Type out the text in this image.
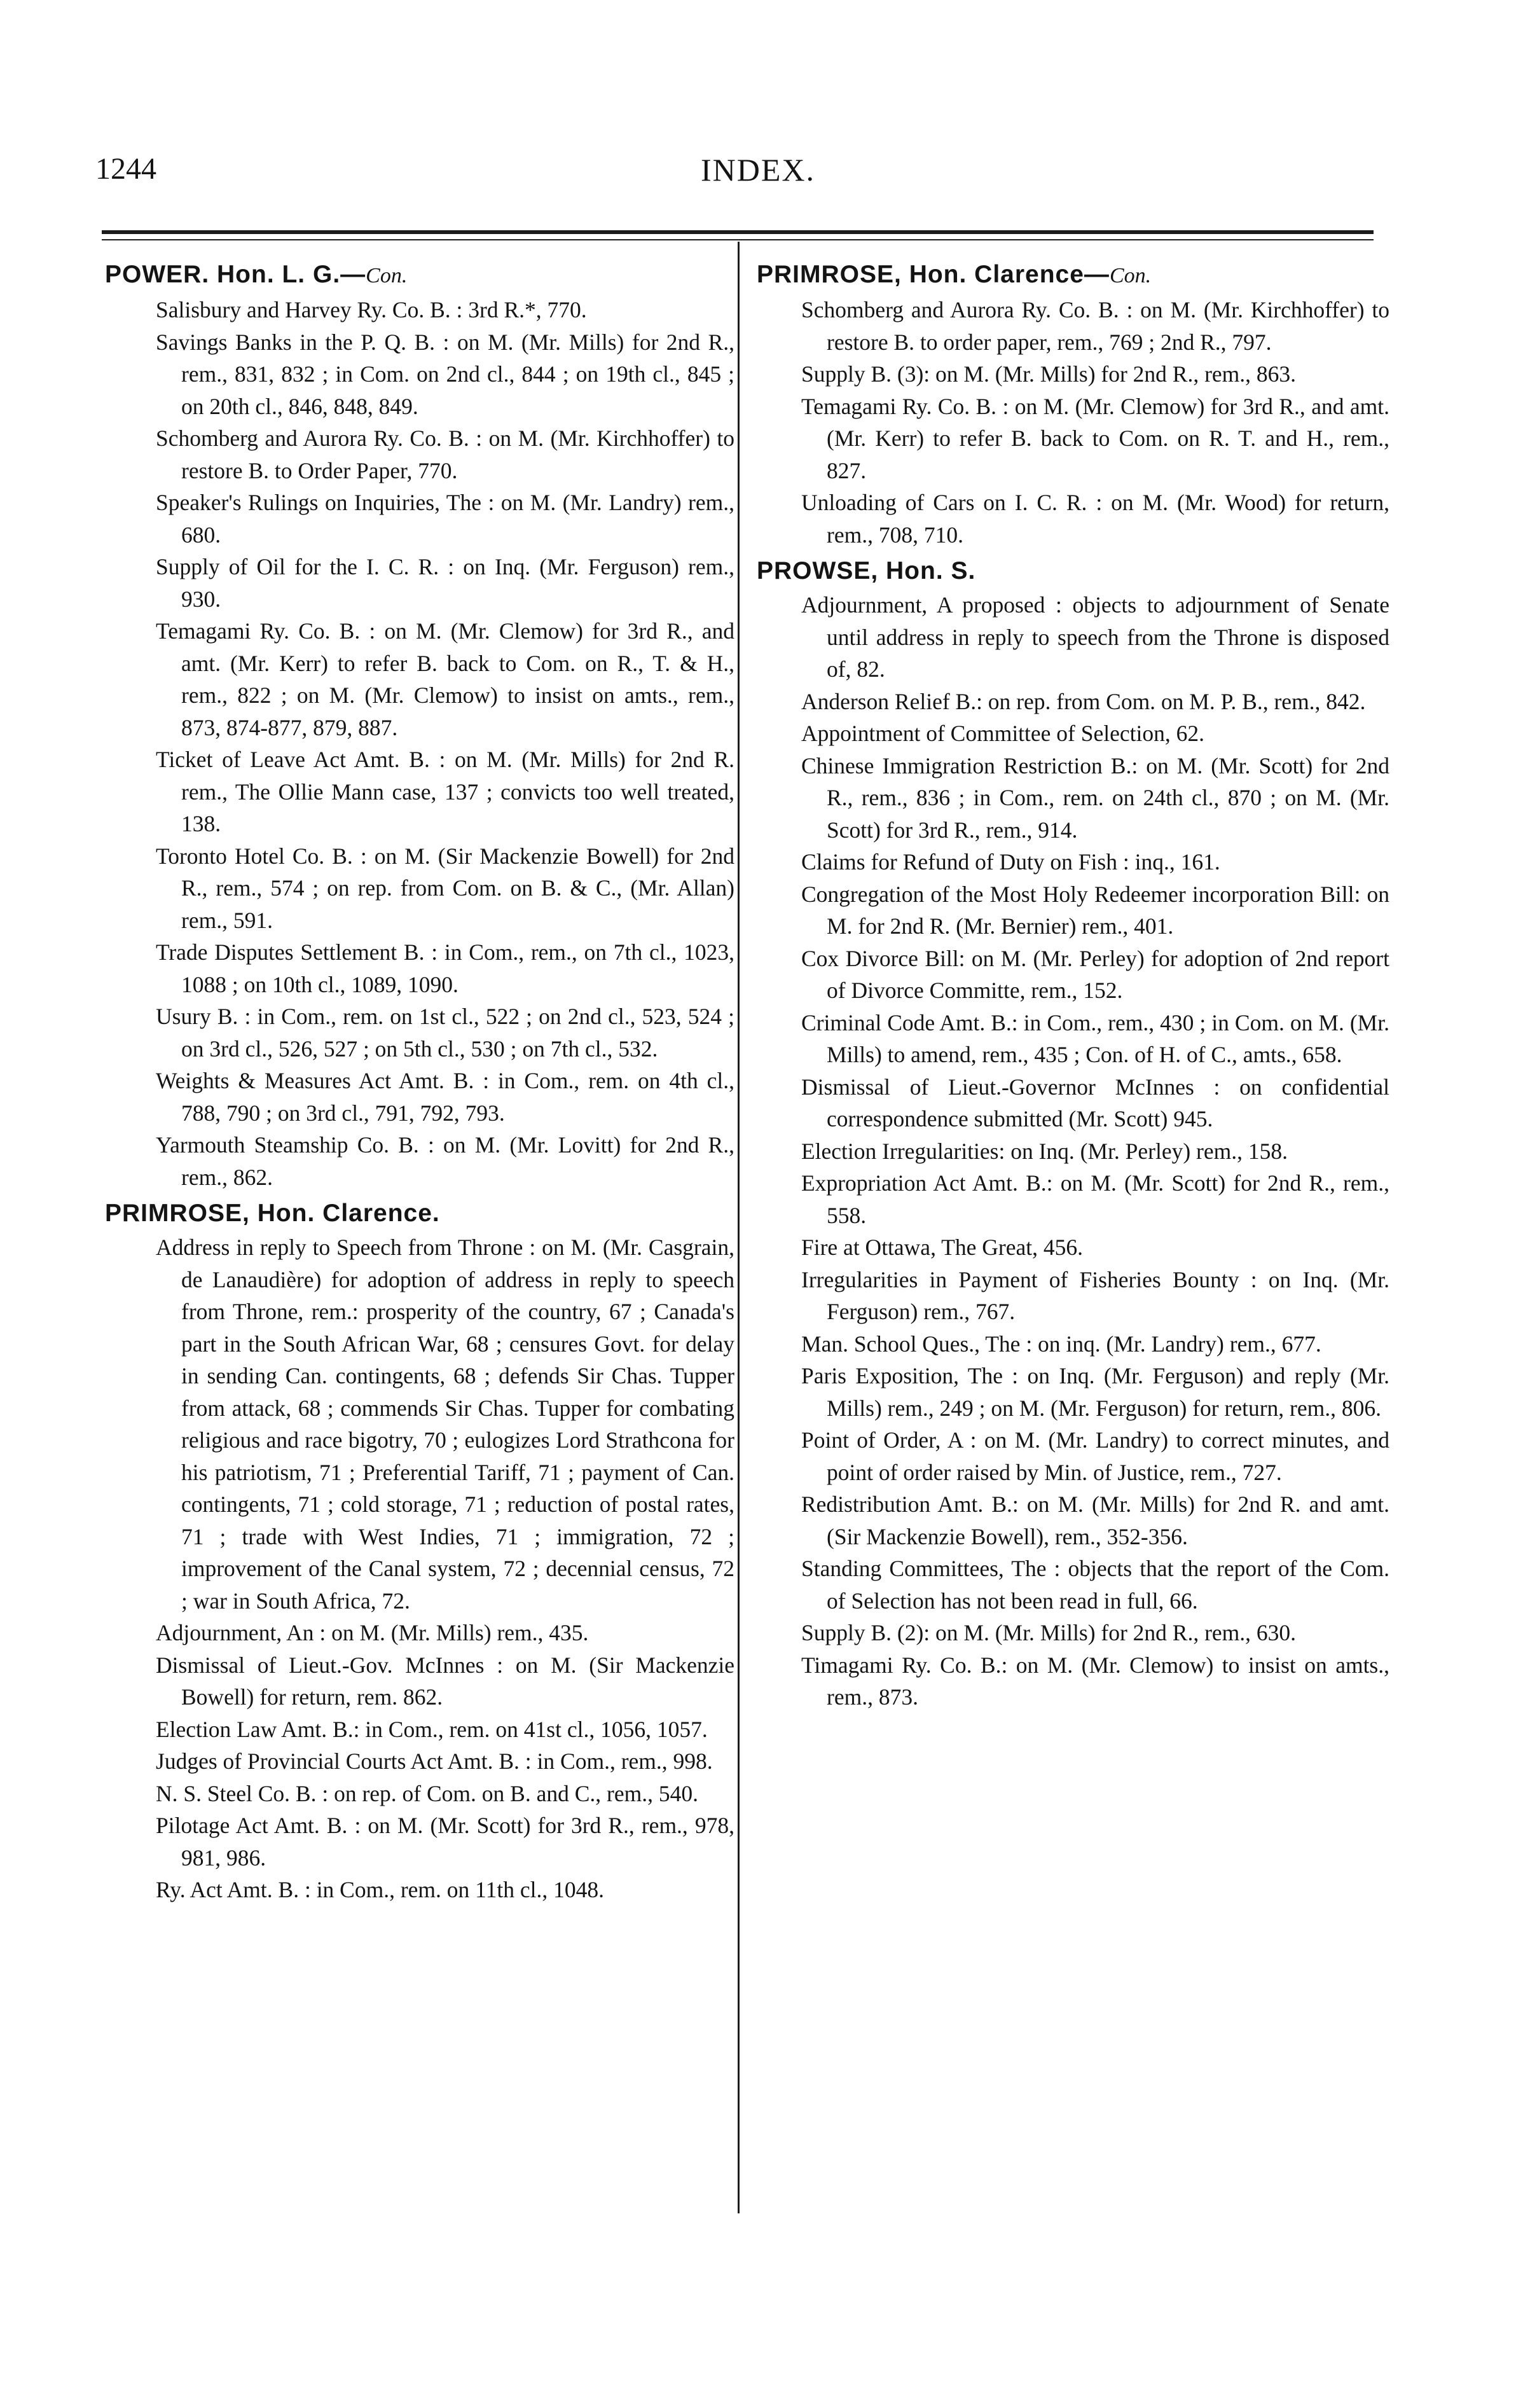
1244	INDEX.
POWER. Hon. L. G.—Con.
Salisbury and Harvey Ry. Co. B. : 3rd R.*, 770.
Savings Banks in the P. Q. B. : on M. (Mr. Mills) for 2nd R., rem., 831, 832 ; in Com. on 2nd cl., 844 ; on 19th cl., 845 ; on 20th cl., 846, 848, 849.
Schomberg and Aurora Ry. Co. B. : on M. (Mr. Kirchhoffer) to restore B. to Order Paper, 770.
Speaker's Rulings on Inquiries, The : on M. (Mr. Landry) rem., 680.
Supply of Oil for the I. C. R. : on Inq. (Mr. Ferguson) rem., 930.
Temagami Ry. Co. B. : on M. (Mr. Clemow) for 3rd R., and amt. (Mr. Kerr) to refer B. back to Com. on R., T. & H., rem., 822 ; on M. (Mr. Clemow) to insist on amts., rem., 873, 874-877, 879, 887.
Ticket of Leave Act Amt. B. : on M. (Mr. Mills) for 2nd R. rem., The Ollie Mann case, 137 ; convicts too well treated, 138.
Toronto Hotel Co. B. : on M. (Sir Mackenzie Bowell) for 2nd R., rem., 574 ; on rep. from Com. on B. & C., (Mr. Allan) rem., 591.
Trade Disputes Settlement B. : in Com., rem., on 7th cl., 1023, 1088 ; on 10th cl., 1089, 1090.
Usury B. : in Com., rem. on 1st cl., 522 ; on 2nd cl., 523, 524 ; on 3rd cl., 526, 527 ; on 5th cl., 530 ; on 7th cl., 532.
Weights & Measures Act Amt. B. : in Com., rem. on 4th cl., 788, 790 ; on 3rd cl., 791, 792, 793.
Yarmouth Steamship Co. B. : on M. (Mr. Lovitt) for 2nd R., rem., 862.
PRIMROSE, Hon. Clarence.
Address in reply to Speech from Throne : on M. (Mr. Casgrain, de Lanaudière) for adoption of address in reply to speech from Throne, rem.: prosperity of the country, 67 ; Canada's part in the South African War, 68 ; censures Govt. for delay in sending Can. contingents, 68 ; defends Sir Chas. Tupper from attack, 68 ; commends Sir Chas. Tupper for combating religious and race bigotry, 70 ; eulogizes Lord Strathcona for his patriotism, 71 ; Preferential Tariff, 71 ; payment of Can. contingents, 71 ; cold storage, 71 ; reduction of postal rates, 71 ; trade with West Indies, 71 ; immigration, 72 ; improvement of the Canal system, 72 ; decennial census, 72 ; war in South Africa, 72.
Adjournment, An : on M. (Mr. Mills) rem., 435.
Dismissal of Lieut.-Gov. McInnes : on M. (Sir Mackenzie Bowell) for return, rem. 862.
Election Law Amt. B.: in Com., rem. on 41st cl., 1056, 1057.
Judges of Provincial Courts Act Amt. B. : in Com., rem., 998.
N. S. Steel Co. B. : on rep. of Com. on B. and C., rem., 540.
Pilotage Act Amt. B. : on M. (Mr. Scott) for 3rd R., rem., 978, 981, 986.
Ry. Act Amt. B. : in Com., rem. on 11th cl., 1048.
PRIMROSE, Hon. Clarence—Con.
Schomberg and Aurora Ry. Co. B. : on M. (Mr. Kirchhoffer) to restore B. to order paper, rem., 769 ; 2nd R., 797.
Supply B. (3): on M. (Mr. Mills) for 2nd R., rem., 863.
Temagami Ry. Co. B. : on M. (Mr. Clemow) for 3rd R., and amt. (Mr. Kerr) to refer B. back to Com. on R. T. and H., rem., 827.
Unloading of Cars on I. C. R. : on M. (Mr. Wood) for return, rem., 708, 710.
PROWSE, Hon. S.
Adjournment, A proposed : objects to adjournment of Senate until address in reply to speech from the Throne is disposed of, 82.
Anderson Relief B.: on rep. from Com. on M. P. B., rem., 842.
Appointment of Committee of Selection, 62.
Chinese Immigration Restriction B.: on M. (Mr. Scott) for 2nd R., rem., 836 ; in Com., rem. on 24th cl., 870 ; on M. (Mr. Scott) for 3rd R., rem., 914.
Claims for Refund of Duty on Fish : inq., 161.
Congregation of the Most Holy Redeemer incorporation Bill: on M. for 2nd R. (Mr. Bernier) rem., 401.
Cox Divorce Bill: on M. (Mr. Perley) for adoption of 2nd report of Divorce Committe, rem., 152.
Criminal Code Amt. B.: in Com., rem., 430 ; in Com. on M. (Mr. Mills) to amend, rem., 435 ; Con. of H. of C., amts., 658.
Dismissal of Lieut.-Governor McInnes : on confidential correspondence submitted (Mr. Scott) 945.
Election Irregularities: on Inq. (Mr. Perley) rem., 158.
Expropriation Act Amt. B.: on M. (Mr. Scott) for 2nd R., rem., 558.
Fire at Ottawa, The Great, 456.
Irregularities in Payment of Fisheries Bounty : on Inq. (Mr. Ferguson) rem., 767.
Man. School Ques., The : on inq. (Mr. Landry) rem., 677.
Paris Exposition, The : on Inq. (Mr. Ferguson) and reply (Mr. Mills) rem., 249 ; on M. (Mr. Ferguson) for return, rem., 806.
Point of Order, A : on M. (Mr. Landry) to correct minutes, and point of order raised by Min. of Justice, rem., 727.
Redistribution Amt. B.: on M. (Mr. Mills) for 2nd R. and amt. (Sir Mackenzie Bowell), rem., 352-356.
Standing Committees, The : objects that the report of the Com. of Selection has not been read in full, 66.
Supply B. (2): on M. (Mr. Mills) for 2nd R., rem., 630.
Timagami Ry. Co. B.: on M. (Mr. Clemow) to insist on amts., rem., 873.
